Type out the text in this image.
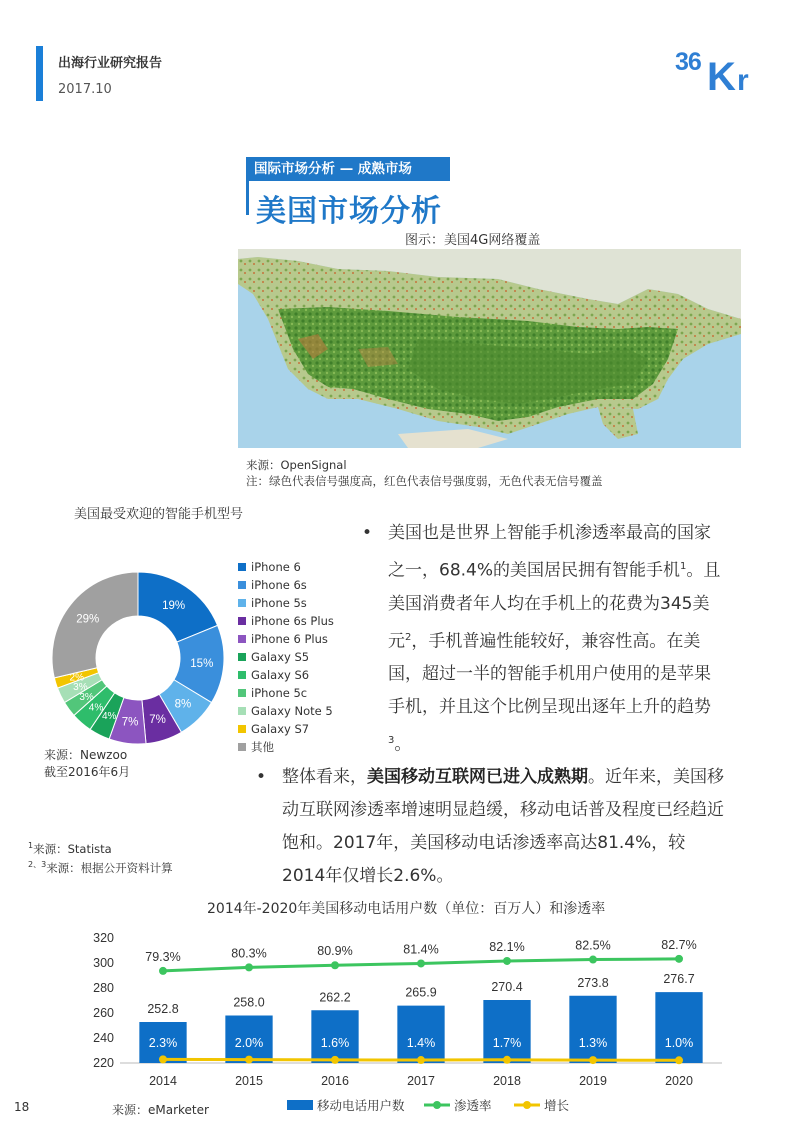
出海行业研究报告
2017.10
36 K r
国际市场分析 — 成熟市场
美国市场分析
图示：美国4G网络覆盖
来源：OpenSignal
注：绿色代表信号强度高，红色代表信号强度弱，无色代表无信号覆盖
美国最受欢迎的智能手机型号
19%
15%
8%
7%
7%
4%
4%
3%
3%
2%
29%
iPhone 6
iPhone 6s
iPhone 5s
iPhone 6s Plus
iPhone 6 Plus
Galaxy S5
Galaxy S6
iPhone 5c
Galaxy Note 5
Galaxy S7
其他
来源：Newzoo
截至2016年6月
$^1$来源：Statista
$^{2、3}$来源：根据公开资料计算
• 美国也是世界上智能手机渗透率最高的国家之一，68.4%的美国居民拥有智能手机$^1$。且美国消费者年人均在手机上的花费为345美元$^2$，手机普遍性能较好，兼容性高。在美国，超过一半的智能手机用户使用的是苹果手机，并且这个比例呈现出逐年上升的趋势$^3$。
• 整体看来，美国移动互联网已进入成熟期。近年来，美国移动互联网渗透率增速明显趋缓，移动电话普及程度已经趋近饱和。2017年，美国移动电话渗透率高达81.4%，较2014年仅增长2.6%。
2014年-2020年美国移动电话用户数（单位：百万人）和渗透率
220
240
260
280
300
320
252.8
2.3%
2014
258.0
2.0%
2015
262.2
1.6%
2016
265.9
1.4%
2017
270.4
1.7%
2018
273.8
1.3%
2019
276.7
1.0%
2020
79.3%	80.3%	80.9%	81.4%	82.1%	82.5%	82.7%
移动电话用户数	渗透率	增长
18	来源：eMarketer
